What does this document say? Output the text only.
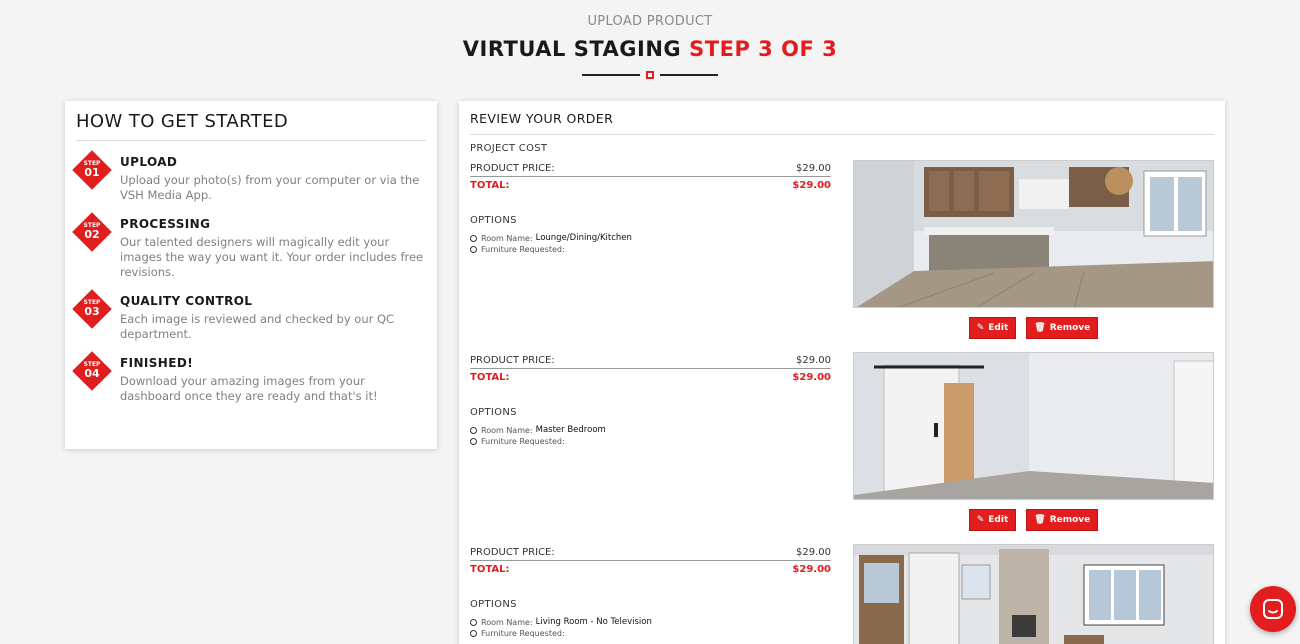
UPLOAD PRODUCT
VIRTUAL STAGING STEP 3 OF 3
HOW TO GET STARTED
STEP
01
UPLOAD
Upload your photo(s) from your computer or via the VSH Media App.
STEP
02
PROCESSING
Our talented designers will magically edit your images the way you want it. Your order includes free revisions.
STEP
03
QUALITY CONTROL
Each image is reviewed and checked by our QC department.
STEP
04
FINISHED!
Download your amazing images from your dashboard once they are ready and that's it!
REVIEW YOUR ORDER
PROJECT COST
PRODUCT PRICE:	$29.00
TOTAL:	$29.00
OPTIONS
Room Name: Lounge/Dining/Kitchen
Furniture Requested:
✎ Edit	🗑 Remove
PRODUCT PRICE:	$29.00
TOTAL:	$29.00
OPTIONS
Room Name: Master Bedroom
Furniture Requested:
✎ Edit	🗑 Remove
PRODUCT PRICE:	$29.00
TOTAL:	$29.00
OPTIONS
Room Name: Living Room - No Television
Furniture Requested:
